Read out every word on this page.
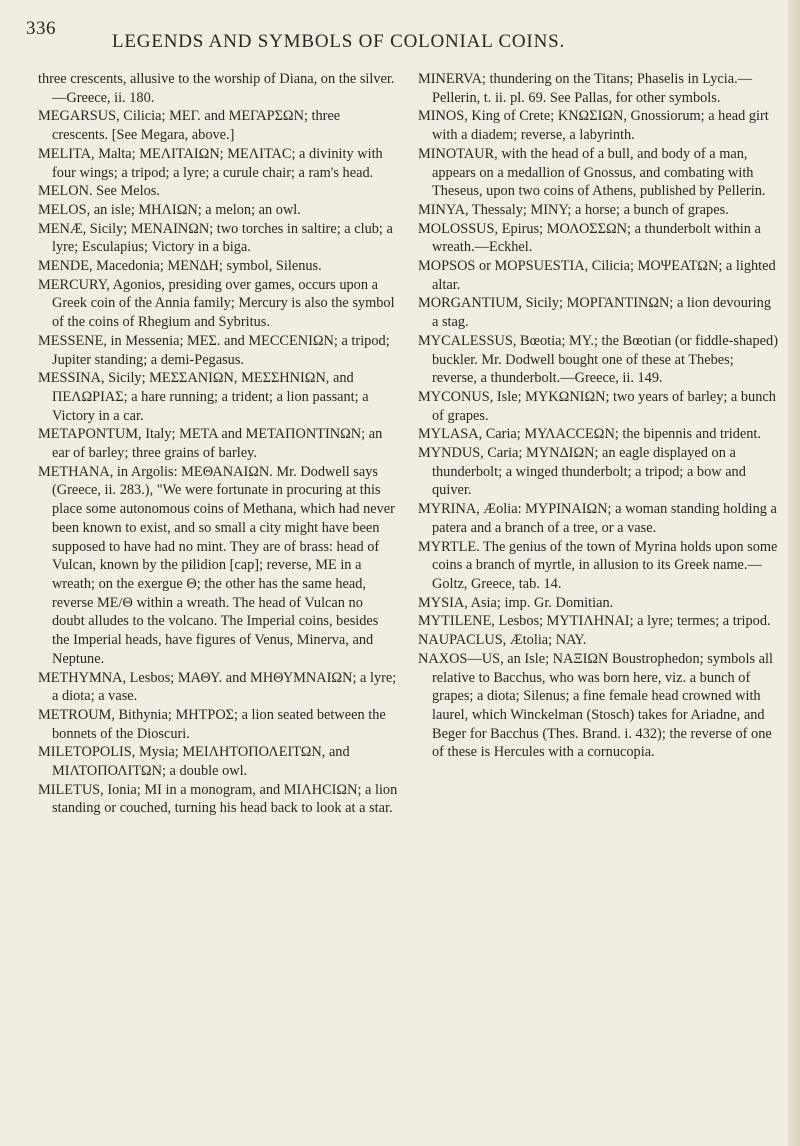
336
LEGENDS AND SYMBOLS OF COLONIAL COINS.

three crescents, allusive to the worship of Diana, on the silver.—Greece, ii. 180.

MEGARSUS, Cilicia; ΜΕΓ. and ΜΕΓΑΡΣΩΝ; three crescents. [See Megara, above.]

MELITA, Malta; ΜΕΛΙΤΑΙΩΝ; ΜΕΛΙΤΑC; a divinity with four wings; a tripod; a lyre; a curule chair; a ram's head.

MELON. See Melos.

MELOS, an isle; ΜΗΛΙΩΝ; a melon; an owl.

MENÆ, Sicily; ΜΕΝΑΙΝΩΝ; two torches in saltire; a club; a lyre; Esculapius; Victory in a biga.

MENDE, Macedonia; ΜΕΝΔΗ; symbol, Silenus.

MERCURY, Agonios, presiding over games, occurs upon a Greek coin of the Annia family; Mercury is also the symbol of the coins of Rhegium and Sybritus.

MESSENE, in Messenia; ΜΕΣ. and ΜΕCCΕΝΙΩΝ; a tripod; Jupiter standing; a demi-Pegasus.

MESSINA, Sicily; ΜΕΣΣΑΝΙΩΝ, ΜΕΣΣΗΝΙΩΝ, and ΠΕΛΩΡΙΑΣ; a hare running; a trident; a lion passant; a Victory in a car.

METAPONTUM, Italy; ΜΕΤΑ and ΜΕΤΑΠΟΝΤΙΝΩΝ; an ear of barley; three grains of barley.

METHANA, in Argolis: ΜΕΘΑΝΑΙΩΝ. Mr. Dodwell says (Greece, ii. 283.), "We were fortunate in procuring at this place some autonomous coins of Methana, which had never been known to exist, and so small a city might have been supposed to have had no mint. They are of brass: head of Vulcan, known by the pilidion [cap]; reverse, ΜΕ in a wreath; on the exergue Θ; the other has the same head, reverse ΜΕ/Θ within a wreath. The head of Vulcan no doubt alludes to the volcano. The Imperial coins, besides the Imperial heads, have figures of Venus, Minerva, and Neptune.

METHYMNA, Lesbos; ΜΑΘΥ. and ΜΗΘΥΜΝΑΙΩΝ; a lyre; a diota; a vase.

METROUM, Bithynia; ΜΗΤΡΟΣ; a lion seated between the bonnets of the Dioscuri.

MILETOPOLIS, Mysia; ΜΕΙΛΗΤΟΠΟΛΕΙΤΩΝ, and ΜΙΛΤΟΠΟΛΙΤΩΝ; a double owl.

MILETUS, Ionia; ΜΙ in a monogram, and ΜΙΛΗCΙΩΝ; a lion standing or couched, turning his head back to look at a star.

MINERVA; thundering on the Titans; Phaselis in Lycia.—Pellerin, t. ii. pl. 69. See Pallas, for other symbols.

MINOS, King of Crete; ΚΝΩΣΙΩΝ, Gnossiorum; a head girt with a diadem; reverse, a labyrinth.

MINOTAUR, with the head of a bull, and body of a man, appears on a medallion of Gnossus, and combating with Theseus, upon two coins of Athens, published by Pellerin.

MINYA, Thessaly; ΜΙΝΥ; a horse; a bunch of grapes.

MOLOSSUS, Epirus; ΜΟΛΟΣΣΩΝ; a thunderbolt within a wreath.—Eckhel.

MOPSOS or MOPSUESTIA, Cilicia; ΜΟΨΕΑΤΩΝ; a lighted altar.

MORGANTIUM, Sicily; ΜΟΡΓΑΝΤΙΝΩΝ; a lion devouring a stag.

MYCALESSUS, Bœotia; ΜΥ.; the Bœotian (or fiddle-shaped) buckler. Mr. Dodwell bought one of these at Thebes; reverse, a thunderbolt.—Greece, ii. 149.

MYCONUS, Isle; ΜΥΚΩΝΙΩΝ; two years of barley; a bunch of grapes.

MYLASA, Caria; ΜΥΛΑCCΕΩΝ; the bipennis and trident.

MYNDUS, Caria; ΜΥΝΔΙΩΝ; an eagle displayed on a thunderbolt; a winged thunderbolt; a tripod; a bow and quiver.

MYRINA, Æolia: ΜΥΡΙΝΑΙΩΝ; a woman standing holding a patera and a branch of a tree, or a vase.

MYRTLE. The genius of the town of Myrina holds upon some coins a branch of myrtle, in allusion to its Greek name.—Goltz, Greece, tab. 14.

MYSIA, Asia; imp. Gr. Domitian.

MYTILENE, Lesbos; ΜΥΤΙΛΗΝΑΙ; a lyre; termes; a tripod.

NAUPACLUS, Ætolia; ΝΑΥ.

NAXOS—US, an Isle; ΝΑΞΙΩΝ Boustrophedon; symbols all relative to Bacchus, who was born here, viz. a bunch of grapes; a diota; Silenus; a fine female head crowned with laurel, which Winckelman (Stosch) takes for Ariadne, and Beger for Bacchus (Thes. Brand. i. 432); the reverse of one of these is Hercules with a cornucopia.
